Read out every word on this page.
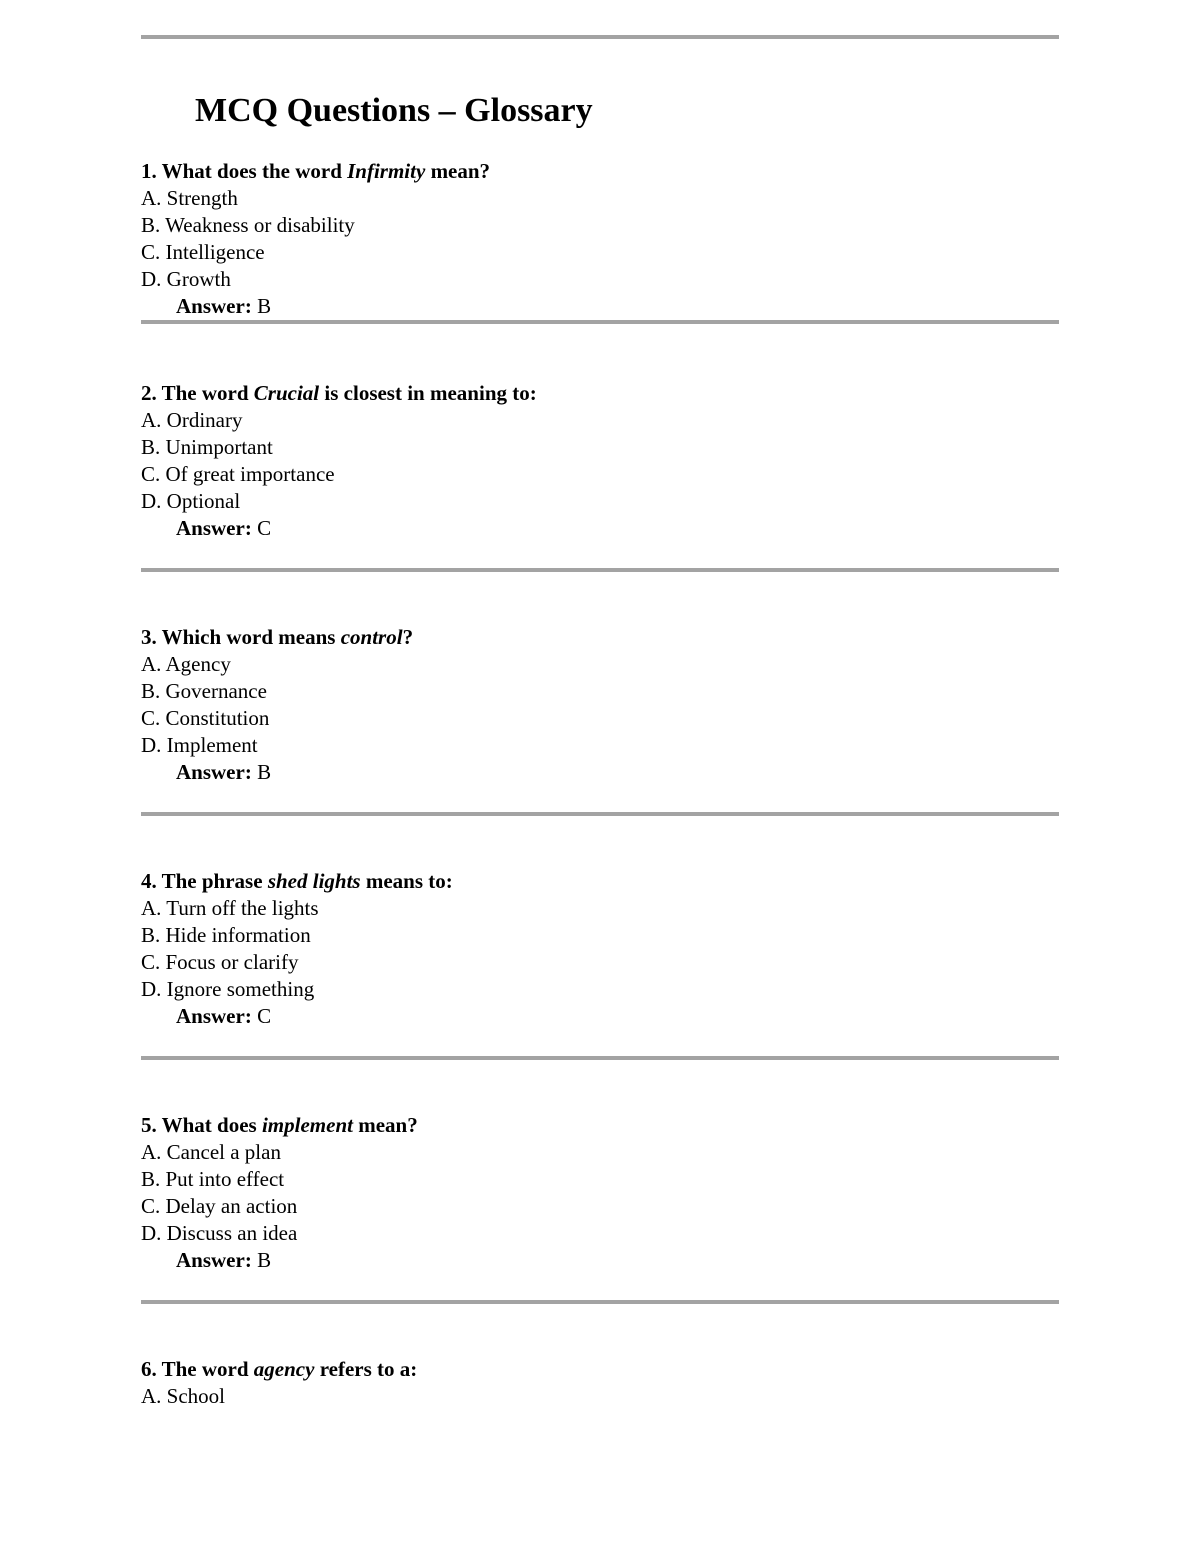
MCQ Questions – Glossary
1. What does the word Infirmity mean?
A. Strength
B. Weakness or disability
C. Intelligence
D. Growth
Answer: B
2. The word Crucial is closest in meaning to:
A. Ordinary
B. Unimportant
C. Of great importance
D. Optional
Answer: C
3. Which word means control?
A. Agency
B. Governance
C. Constitution
D. Implement
Answer: B
4. The phrase shed lights means to:
A. Turn off the lights
B. Hide information
C. Focus or clarify
D. Ignore something
Answer: C
5. What does implement mean?
A. Cancel a plan
B. Put into effect
C. Delay an action
D. Discuss an idea
Answer: B
6. The word agency refers to a:
A. School
